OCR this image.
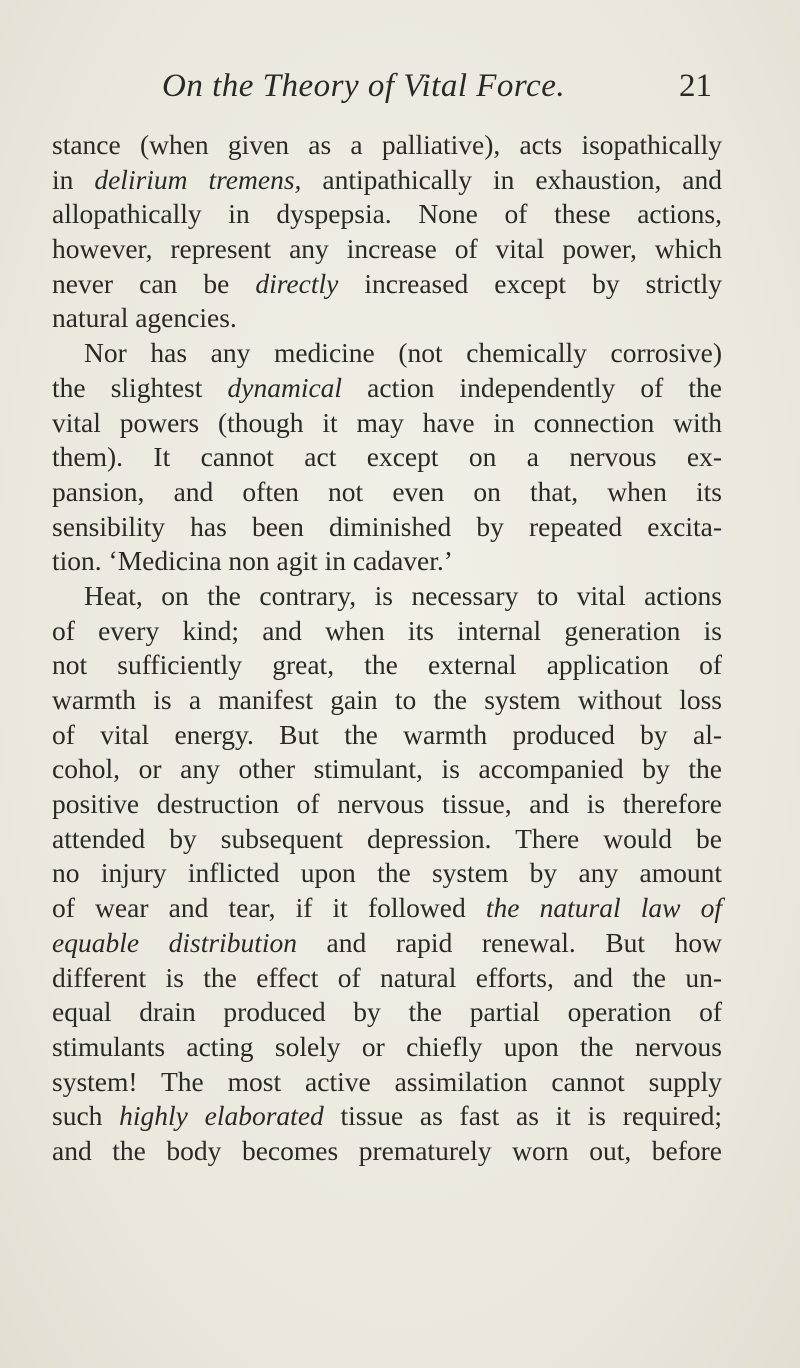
On the Theory of Vital Force.	21
stance (when given as a palliative), acts isopathically
in delirium tremens, antipathically in exhaustion, and
allopathically in dyspepsia. None of these actions,
however, represent any increase of vital power, which
never can be directly increased except by strictly
natural agencies.
Nor has any medicine (not chemically corrosive)
the slightest dynamical action independently of the
vital powers (though it may have in connection with
them). It cannot act except on a nervous ex-
pansion, and often not even on that, when its
sensibility has been diminished by repeated excita-
tion. ‘Medicina non agit in cadaver.’
Heat, on the contrary, is necessary to vital actions
of every kind; and when its internal generation is
not sufficiently great, the external application of
warmth is a manifest gain to the system without loss
of vital energy. But the warmth produced by al-
cohol, or any other stimulant, is accompanied by the
positive destruction of nervous tissue, and is therefore
attended by subsequent depression. There would be
no injury inflicted upon the system by any amount
of wear and tear, if it followed the natural law of
equable distribution and rapid renewal. But how
different is the effect of natural efforts, and the un-
equal drain produced by the partial operation of
stimulants acting solely or chiefly upon the nervous
system! The most active assimilation cannot supply
such highly elaborated tissue as fast as it is required;
and the body becomes prematurely worn out, before
